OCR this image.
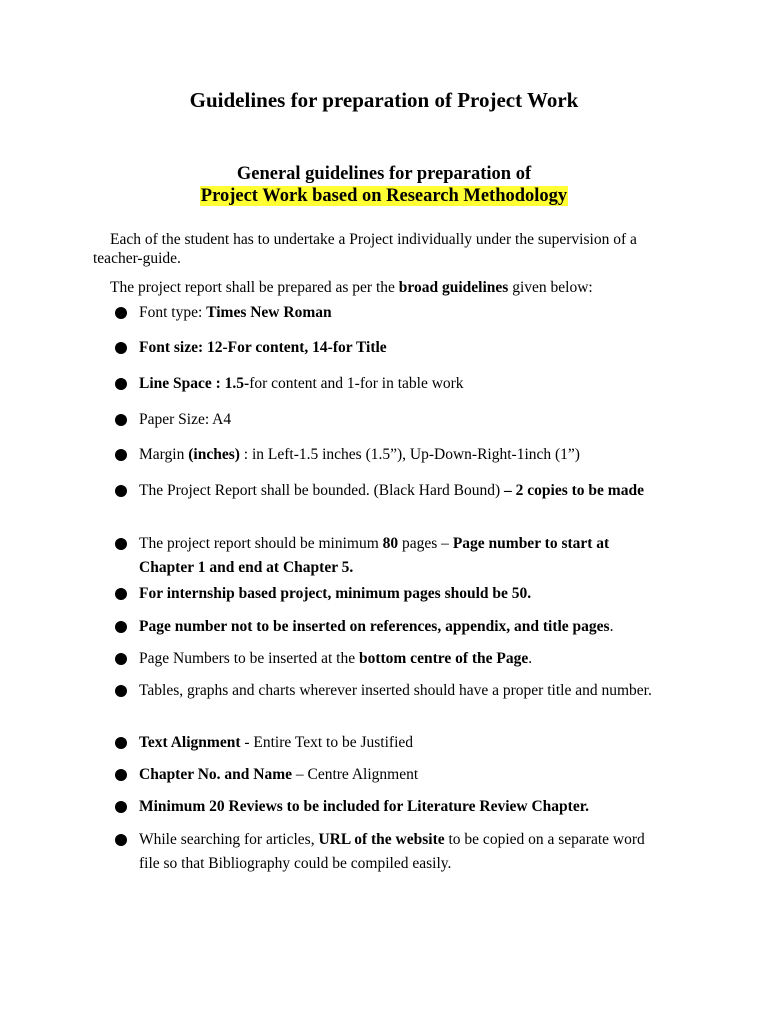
Guidelines for preparation of Project Work
General guidelines for preparation of
Project Work based on Research Methodology

Each of the student has to undertake a Project individually under the supervision of a teacher-guide.

The project report shall be prepared as per the broad guidelines given below:

Font type: Times New Roman
Font size: 12-For content, 14-for Title
Line Space : 1.5-for content and 1-for in table work
Paper Size: A4
Margin (inches) : in Left-1.5 inches (1.5”), Up-Down-Right-1inch (1”)
The Project Report shall be bounded. (Black Hard Bound) – 2 copies to be made
The project report should be minimum 80 pages – Page number to start at Chapter 1 and end at Chapter 5.
For internship based project, minimum pages should be 50.
Page number not to be inserted on references, appendix, and title pages.
Page Numbers to be inserted at the bottom centre of the Page.
Tables, graphs and charts wherever inserted should have a proper title and number.
Text Alignment - Entire Text to be Justified
Chapter No. and Name – Centre Alignment
Minimum 20 Reviews to be included for Literature Review Chapter.
While searching for articles, URL of the website to be copied on a separate word file so that Bibliography could be compiled easily.
